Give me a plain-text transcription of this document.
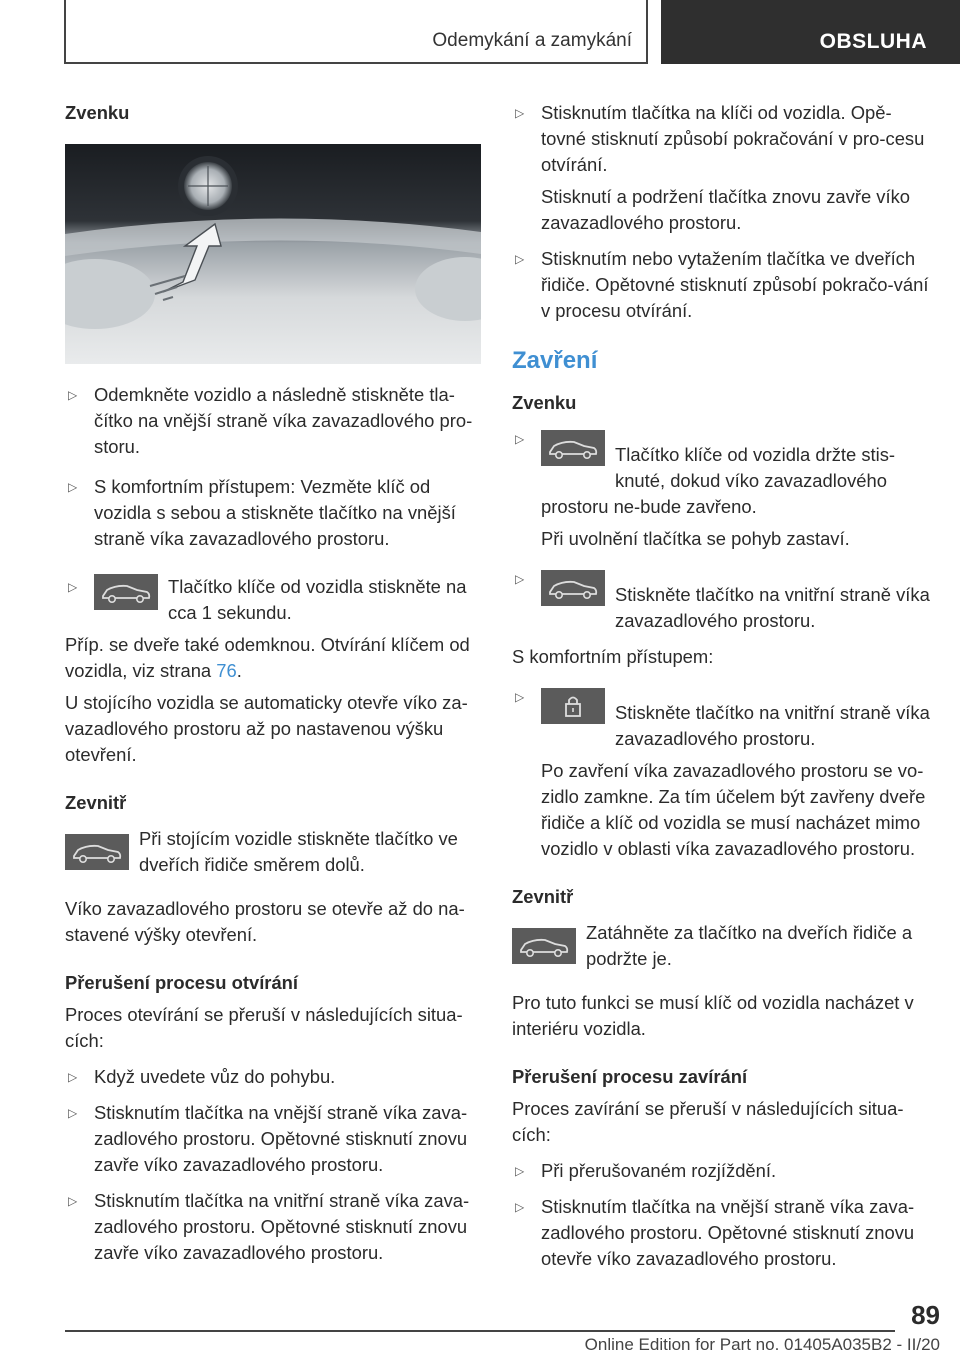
Odemykání a zamykání	OBSLUHA

Zvenku

▷ Odemkněte vozidlo a následně stiskněte tla-čítko na vnější straně víka zavazadlového pro-storu.

▷ S komfortním přístupem: Vezměte klíč od vozidla s sebou a stiskněte tlačítko na vnější straně víka zavazadlového prostoru.

▷ Tlačítko klíče od vozidla stiskněte na cca 1 sekundu.

Příp. se dveře také odemknou. Otvírání klíčem od vozidla, viz strana 76.

U stojícího vozidla se automaticky otevře víko za-vazadlového prostoru až po nastavenou výšku otevření.

Zevnitř

Při stojícím vozidle stiskněte tlačítko ve dveřích řidiče směrem dolů.

Víko zavazadlového prostoru se otevře až do na-stavené výšky otevření.

Přerušení procesu otvírání

Proces otevírání se přeruší v následujících situa-cích:

▷ Když uvedete vůz do pohybu.

▷ Stisknutím tlačítka na vnější straně víka zava-zadlového prostoru. Opětovné stisknutí znovu zavře víko zavazadlového prostoru.

▷ Stisknutím tlačítka na vnitřní straně víka zava-zadlového prostoru. Opětovné stisknutí znovu zavře víko zavazadlového prostoru.

▷ Stisknutím tlačítka na klíči od vozidla. Opě-tovné stisknutí způsobí pokračování v pro-cesu otvírání.

Stisknutí a podržení tlačítka znovu zavře víko zavazadlového prostoru.

▷ Stisknutím nebo vytažením tlačítka ve dveřích řidiče. Opětovné stisknutí způsobí pokračo-vání v procesu otvírání.

Zavření

Zvenku

▷ Tlačítko klíče od vozidla držte stis-knuté, dokud víko zavazadlového prostoru ne-bude zavřeno.

Při uvolnění tlačítka se pohyb zastaví.

▷ Stiskněte tlačítko na vnitřní straně víka zavazadlového prostoru.

S komfortním přístupem:

▷ Stiskněte tlačítko na vnitřní straně víka zavazadlového prostoru.

Po zavření víka zavazadlového prostoru se vo-zidlo zamkne. Za tím účelem být zavřeny dveře řidiče a klíč od vozidla se musí nacházet mimo vozidlo v oblasti víka zavazadlového prostoru.

Zevnitř

Zatáhněte za tlačítko na dveřích řidiče a podržte je.

Pro tuto funkci se musí klíč od vozidla nacházet v interiéru vozidla.

Přerušení procesu zavírání

Proces zavírání se přeruší v následujících situa-cích:

▷ Při přerušovaném rozjíždění.

▷ Stisknutím tlačítka na vnější straně víka zava-zadlového prostoru. Opětovné stisknutí znovu otevře víko zavazadlového prostoru.

89
Online Edition for Part no. 01405A035B2 - II/20
